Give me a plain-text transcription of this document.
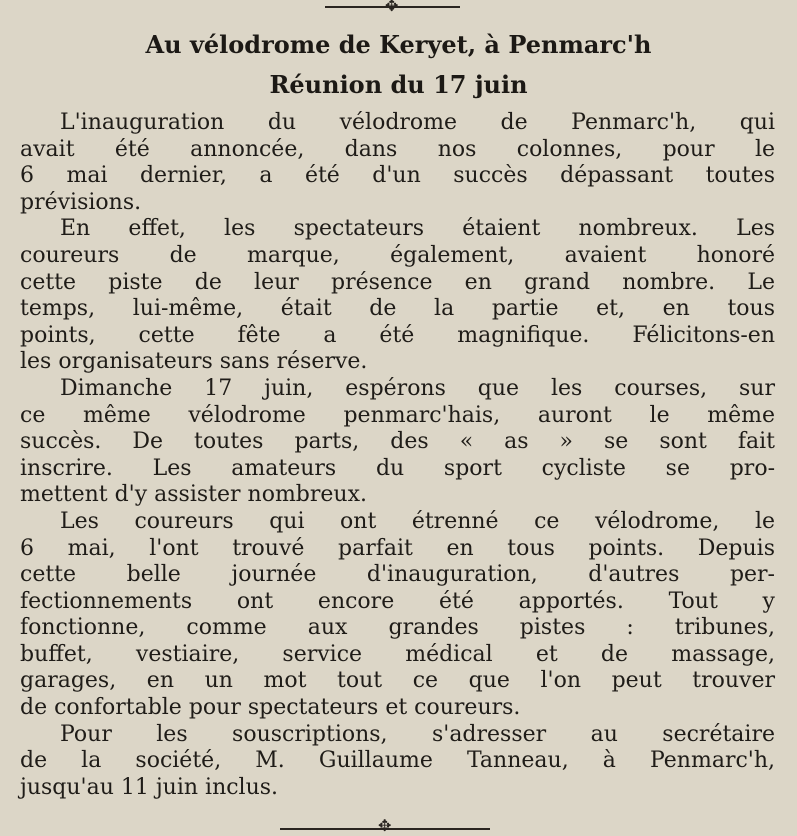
✥
Au vélodrome de Keryet, à Penmarc'h
Réunion du 17 juin
L'inauguration du vélodrome de Penmarc'h, qui
avait été annoncée, dans nos colonnes, pour le
6 mai dernier, a été d'un succès dépassant toutes
prévisions.
En effet, les spectateurs étaient nombreux. Les
coureurs de marque, également, avaient honoré
cette piste de leur présence en grand nombre. Le
temps, lui-même, était de la partie et, en tous
points, cette fête a été magnifique. Félicitons-en
les organisateurs sans réserve.
Dimanche 17 juin, espérons que les courses, sur
ce même vélodrome penmarc'hais, auront le même
succès. De toutes parts, des « as » se sont fait
inscrire. Les amateurs du sport cycliste se pro-
mettent d'y assister nombreux.
Les coureurs qui ont étrenné ce vélodrome, le
6 mai, l'ont trouvé parfait en tous points. Depuis
cette belle journée d'inauguration, d'autres per-
fectionnements ont encore été apportés. Tout y
fonctionne, comme aux grandes pistes : tribunes,
buffet, vestiaire, service médical et de massage,
garages, en un mot tout ce que l'on peut trouver
de confortable pour spectateurs et coureurs.
Pour les souscriptions, s'adresser au secrétaire
de la société, M. Guillaume Tanneau, à Penmarc'h,
jusqu'au 11 juin inclus.
✥
